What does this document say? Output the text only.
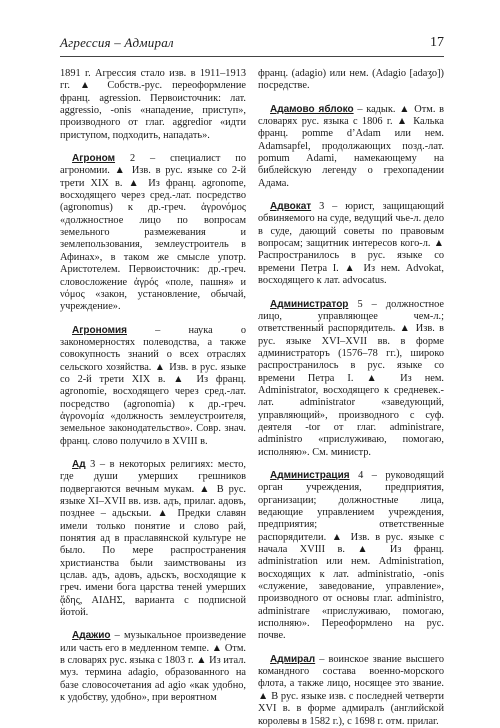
Агрессия – Адмирал	17

1891 г. Агрессия стало изв. в 1911–1913 гг. ▲ Собств.-рус. переоформление франц. agression. Первоисточник: лат. aggressio, -onis «нападение, приступ», производного от глаг. aggredior «идти приступом, подходить, нападать».

Агроном 2 – специалист по агрономии. ▲ Изв. в рус. языке со 2-й трети XIX в. ▲ Из франц. agronome, восходящего через сред.-лат. посредство (agronomus) к др.-греч. ἀγρονόμος «должностное лицо по вопросам земельного размежевания и землепользования, землеустроитель в Афинах», в таком же смысле употр. Аристотелем. Первоисточник: др.-греч. словосложение ἀγρός «поле, пашня» и νόμος «закон, установление, обычай, учреждение».

Агрономия	– наука о закономерностях полеводства, а также совокупность знаний о всех отраслях сельского хозяйства. ▲ Изв. в рус. языке со 2-й трети XIX в. ▲ Из франц. agronomie, восходящего через сред.-лат. посредство (agronomia) к др.-греч. ἀγρονομία «должность землеустроителя, земельное законодательство». Совр. знач. франц. слово получило в XVIII в.

Ад 3 – в некоторых религиях: место, где души умерших грешников подвергаются вечным мукам. ▲ В рус. языке XI–XVII вв. изв. адъ, прилаг. адовъ, позднее – адьскыи. ▲ Предки славян имели только понятие и слово рай, понятия ад в праславянской культуре не было. По мере распространения христианства были заимствованы из цслав. адъ, адовъ, адьскъ, восходящие к греч. имени бога царства теней умерших ᾅδης, ΑΙΔΗΣ, варианта с подписной йотой.

Адажио – музыкальное произведение или часть его в медленном темпе. ▲ Отм. в словарях рус. языка с 1803 г. ▲ Из итал. муз. термина adagio, образованного на базе словосочетания ad agio «как удобно, к удобству, удобно», при вероятном

франц. (adagio) или нем. (Adagio [adaʒo]) посредстве.

Адамово яблоко – кадык. ▲ Отм. в словарях рус. языка с 1806 г. ▲ Калька франц. pomme d’Adam или нем. Adamsapfel, продолжающих позд.-лат. pomum Adami, намекающему на библейскую легенду о грехопадении Адама.

Адвокат 3 – юрист, защищающий обвиняемого на суде, ведущий чье-л. дело в суде, дающий советы по правовым вопросам; защитник интересов кого-л. ▲ Распространилось в рус. языке со времени Петра I. ▲ Из нем. Advokat, восходящего к лат. advocatus.

Администратор 5 – должностное лицо, управляющее чем-л.; ответственный распорядитель. ▲ Изв. в рус. языке XVI–XVII вв. в форме администраторъ (1576–78 гг.), широко распространилось в рус. языке со времени Петра I. ▲ Из нем. Administrator, восходящего к средневек.-лат. administrator «заведующий, управляющий», производного с суф. деятеля -tor от глаг. administrare, administro «прислуживаю, помогаю, исполняю». См. министр.

Администрация 4 – руководящий орган учреждения, предприятия, организации; должностные лица, ведающие управлением учреждения, предприятия; ответственные распорядители. ▲ Изв. в рус. языке с начала XVIII в. ▲ Из франц. administration или нем. Administration, восходящих к лат. administratio, -onis «служение, заведование, управление», производного от основы глаг. administro, administrare «прислуживаю, помогаю, исполняю». Переоформлено на рус. почве.

Адмирал – воинское звание высшего командного состава военно-морского флота, а также лицо, носящее это звание. ▲ В рус. языке изв. с последней четверти XVI в. в форме адмиралъ (английской королевы в 1582 г.), с 1698 г. отм. прилаг.
